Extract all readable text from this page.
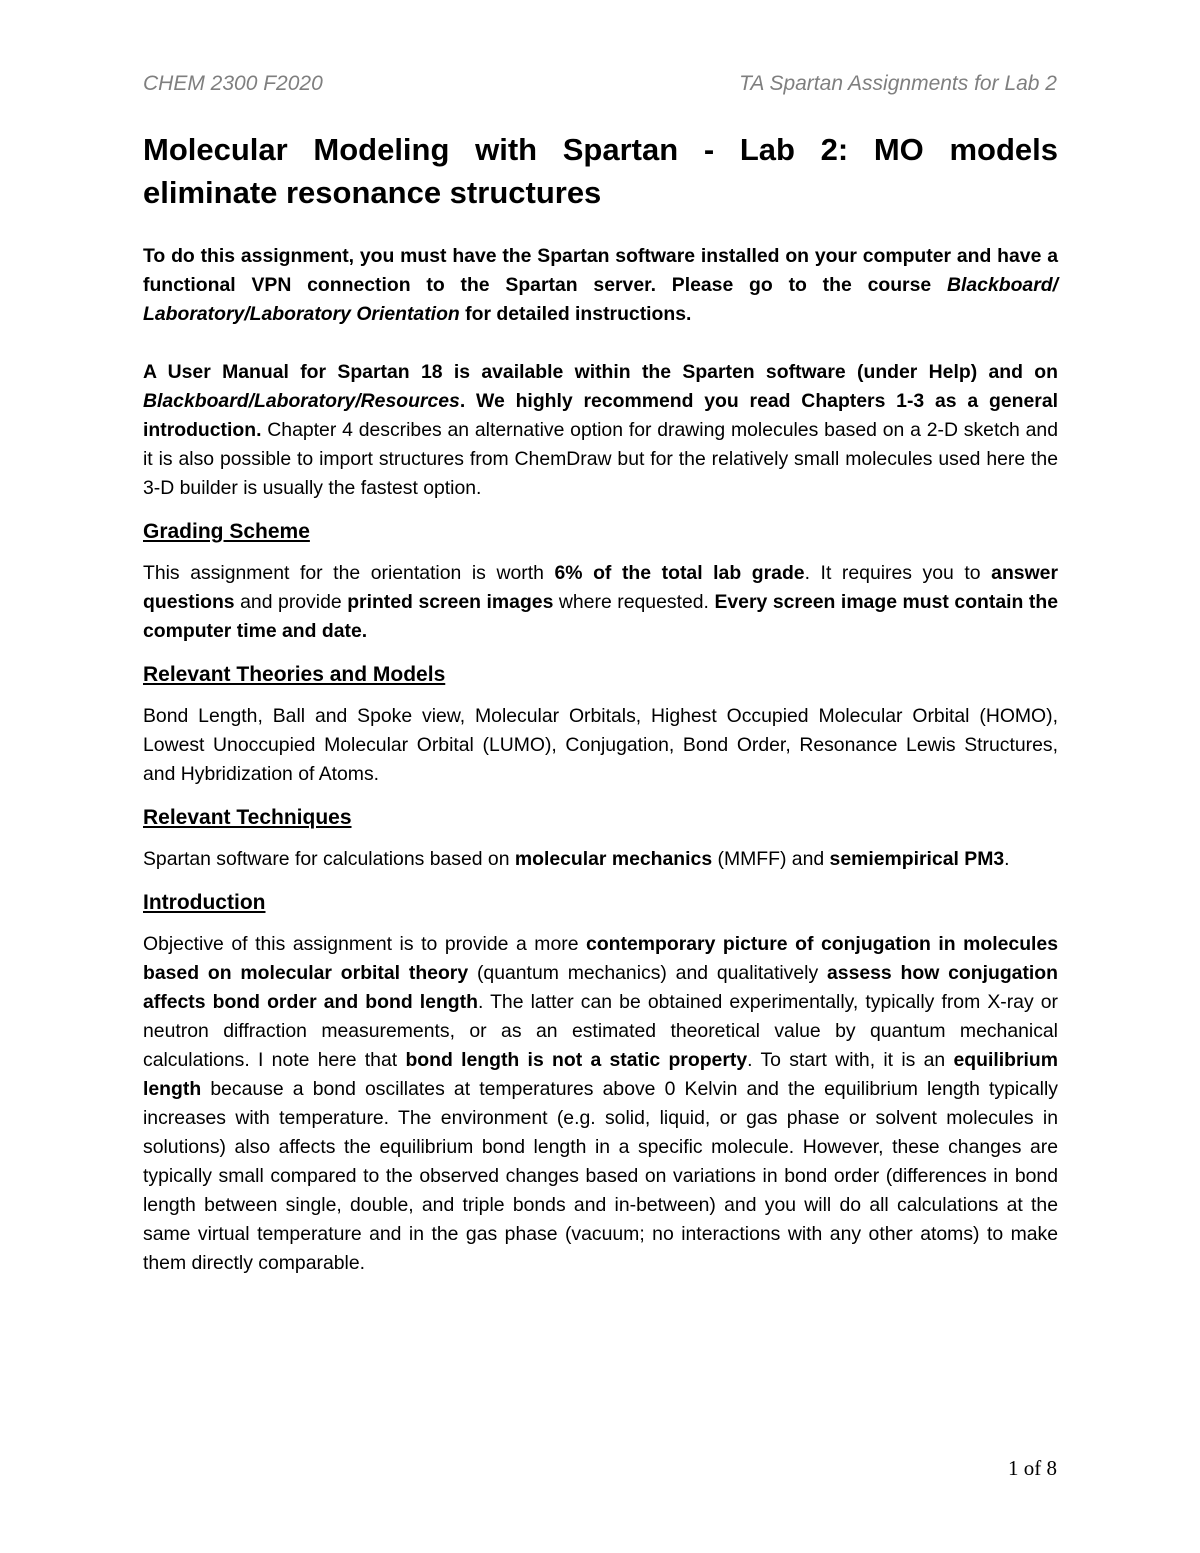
CHEM 2300 F2020	TA Spartan Assignments for Lab 2
Molecular Modeling with Spartan - Lab 2: MO models eliminate resonance structures

To do this assignment, you must have the Spartan software installed on your computer and have a functional VPN connection to the Spartan server. Please go to the course Blackboard/ Laboratory/Laboratory Orientation for detailed instructions.

A User Manual for Spartan 18 is available within the Sparten software (under Help) and on Blackboard/Laboratory/Resources. We highly recommend you read Chapters 1-3 as a general introduction. Chapter 4 describes an alternative option for drawing molecules based on a 2-D sketch and it is also possible to import structures from ChemDraw but for the relatively small molecules used here the 3-D builder is usually the fastest option.

Grading Scheme

This assignment for the orientation is worth 6% of the total lab grade. It requires you to answer questions and provide printed screen images where requested. Every screen image must contain the computer time and date.

Relevant Theories and Models

Bond Length, Ball and Spoke view, Molecular Orbitals, Highest Occupied Molecular Orbital (HOMO), Lowest Unoccupied Molecular Orbital (LUMO), Conjugation, Bond Order, Resonance Lewis Structures, and Hybridization of Atoms.

Relevant Techniques

Spartan software for calculations based on molecular mechanics (MMFF) and semiempirical PM3.

Introduction

Objective of this assignment is to provide a more contemporary picture of conjugation in molecules based on molecular orbital theory (quantum mechanics) and qualitatively assess how conjugation affects bond order and bond length. The latter can be obtained experimentally, typically from X-ray or neutron diffraction measurements, or as an estimated theoretical value by quantum mechanical calculations. I note here that bond length is not a static property. To start with, it is an equilibrium length because a bond oscillates at temperatures above 0 Kelvin and the equilibrium length typically increases with temperature. The environment (e.g. solid, liquid, or gas phase or solvent molecules in solutions) also affects the equilibrium bond length in a specific molecule. However, these changes are typically small compared to the observed changes based on variations in bond order (differences in bond length between single, double, and triple bonds and in-between) and you will do all calculations at the same virtual temperature and in the gas phase (vacuum; no interactions with any other atoms) to make them directly comparable.

1 of 8
